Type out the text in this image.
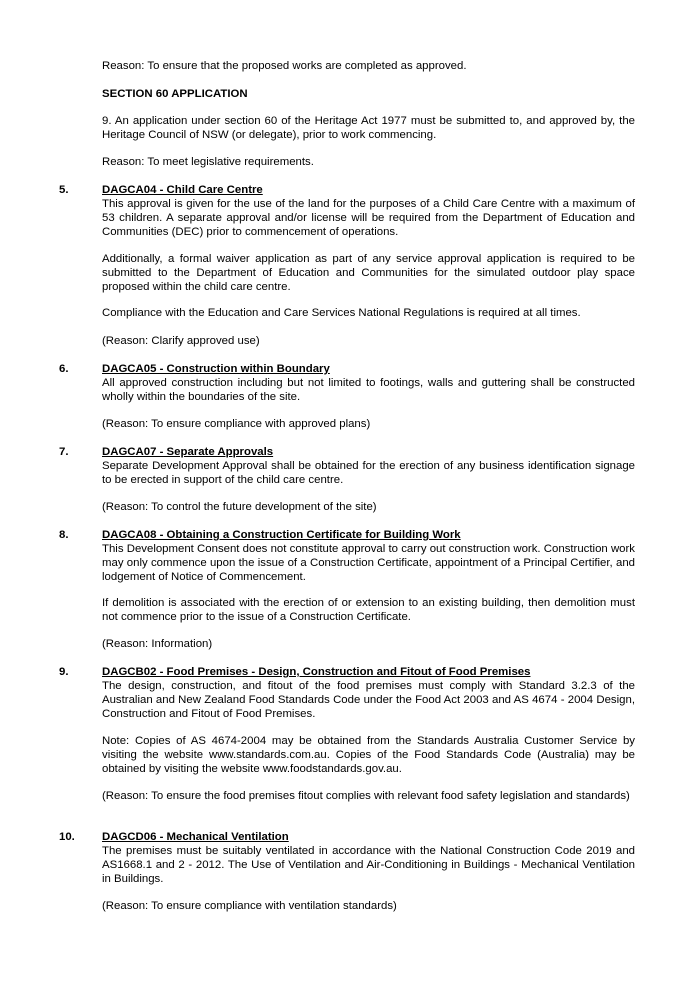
Reason: To ensure that the proposed works are completed as approved.

SECTION 60 APPLICATION

9. An application under section 60 of the Heritage Act 1977 must be submitted to, and approved by, the Heritage Council of NSW (or delegate), prior to work commencing.

Reason: To meet legislative requirements.

5.	DAGCA04 - Child Care Centre

This approval is given for the use of the land for the purposes of a Child Care Centre with a maximum of 53 children. A separate approval and/or license will be required from the Department of Education and Communities (DEC) prior to commencement of operations.

Additionally, a formal waiver application as part of any service approval application is required to be submitted to the Department of Education and Communities for the simulated outdoor play space proposed within the child care centre.

Compliance with the Education and Care Services National Regulations is required at all times.

(Reason: Clarify approved use)

6.	DAGCA05 - Construction within Boundary

All approved construction including but not limited to footings, walls and guttering shall be constructed wholly within the boundaries of the site.

(Reason: To ensure compliance with approved plans)

7.	DAGCA07 - Separate Approvals

Separate Development Approval shall be obtained for the erection of any business identification signage to be erected in support of the child care centre.

(Reason: To control the future development of the site)

8.	DAGCA08 - Obtaining a Construction Certificate for Building Work

This Development Consent does not constitute approval to carry out construction work. Construction work may only commence upon the issue of a Construction Certificate, appointment of a Principal Certifier, and lodgement of Notice of Commencement.

If demolition is associated with the erection of or extension to an existing building, then demolition must not commence prior to the issue of a Construction Certificate.

(Reason: Information)

9.	DAGCB02 - Food Premises - Design, Construction and Fitout of Food Premises

The design, construction, and fitout of the food premises must comply with Standard 3.2.3 of the Australian and New Zealand Food Standards Code under the Food Act 2003 and AS 4674 - 2004 Design, Construction and Fitout of Food Premises.

Note: Copies of AS 4674-2004 may be obtained from the Standards Australia Customer Service by visiting the website www.standards.com.au. Copies of the Food Standards Code (Australia) may be obtained by visiting the website www.foodstandards.gov.au.

(Reason: To ensure the food premises fitout complies with relevant food safety legislation and standards)

10. DAGCD06 - Mechanical Ventilation

The premises must be suitably ventilated in accordance with the National Construction Code 2019 and AS1668.1 and 2 - 2012. The Use of Ventilation and Air-Conditioning in Buildings - Mechanical Ventilation in Buildings.

(Reason: To ensure compliance with ventilation standards)
